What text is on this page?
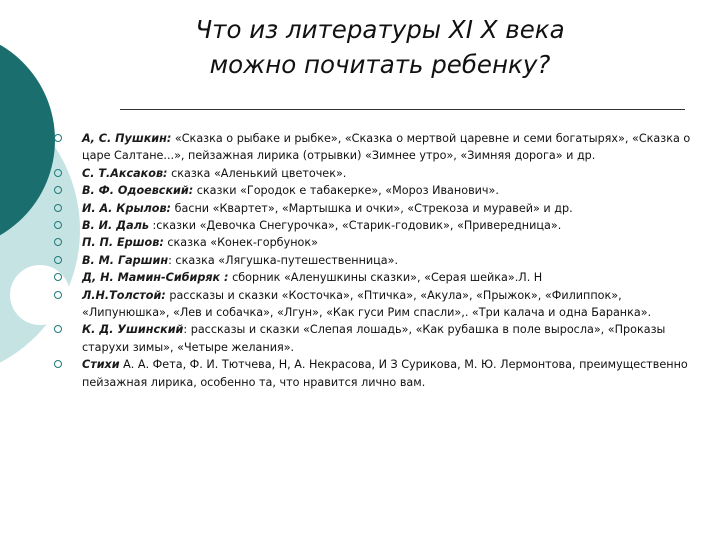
Что из литературы XI X века
можно почитать ребенку?
А, С. Пушкин: «Сказка о рыбаке и рыбке», «Сказка о мертвой царевне и семи богатырях», «Сказка о царе Салтане...», пейзажная лирика (отрывки) «Зимнее утро», «Зимняя дорога» и др.
С. Т.Аксаков: сказка «Аленький цветочек».
В. Ф. Одоевский: сказки «Городок е табакерке», «Мороз Иванович».
И. А. Крылов: басни «Квартет», «Мартышка и очки», «Стрекоза и муравей» и др.
В. И. Даль :сказки «Девочка Снегурочка», «Старик-годовик», «Привередница».
П. П. Ершов: сказка «Конек-горбунок»
В. М. Гаршин: сказка «Лягушка-путешественница».
Д, Н. Мамин-Сибиряк : сборник «Аленушкины сказки», «Серая шейка».Л. Н
Л.Н.Толстой: рассказы и сказки «Косточка», «Птичка», «Акула», «Прыжок», «Филиппок», «Липунюшка», «Лев и собачка», «Лгун», «Как гуси Рим спасли»,. «Три калача и одна Баранка».
К. Д. Ушинский: рассказы и сказки «Слепая лошадь», «Как рубашка в поле выросла», «Проказы старухи зимы», «Четыре желания».
Стихи А. А. Фета, Ф. И. Тютчева, Н, А. Некрасова, И З Сурикова, М. Ю. Лермонтова, преимущественно пейзажная лирика, особенно та, что нравится лично вам.
